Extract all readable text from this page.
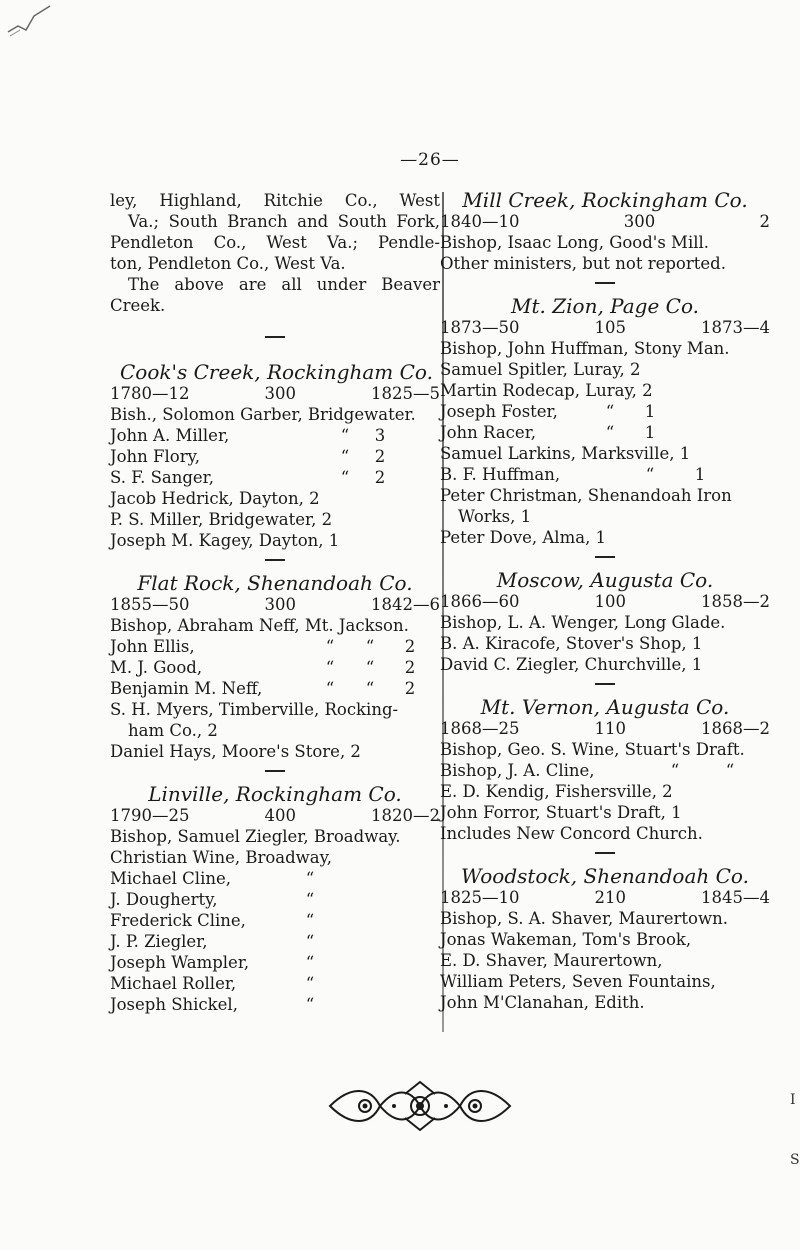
—26—
ley, Highland, Ritchie Co., West
Va.; South Branch and South Fork,
Pendleton Co., West Va.; Pendle-
ton, Pendleton Co., West Va.
The above are all under Beaver
Creek.
Cook's Creek, Rockingham Co.
1780—12	300	1825—5
Bish., Solomon Garber, Bridgewater.
John A. Miller,	“	3
John Flory,	“	2
S. F. Sanger,	“	2
Jacob Hedrick, Dayton, 2
P. S. Miller, Bridgewater, 2
Joseph M. Kagey, Dayton, 1
Flat Rock, Shenandoah Co.
1855—50	300	1842—6
Bishop, Abraham Neff, Mt. Jackson.
John Ellis,	“	“	2
M. J. Good,	“	“	2
Benjamin M. Neff,	“	“	2
S. H. Myers, Timberville, Rocking-
ham Co., 2
Daniel Hays, Moore's Store, 2
Linville, Rockingham Co.
1790—25	400	1820—2
Bishop, Samuel Ziegler, Broadway.
Christian Wine, Broadway,
Michael Cline,	“
J. Dougherty,	“
Frederick Cline,	“
J. P. Ziegler,	“
Joseph Wampler,	“
Michael Roller,	“
Joseph Shickel,	“
Mill Creek, Rockingham Co.
1840—10	300	2
Bishop, Isaac Long, Good's Mill.
Other ministers, but not reported.
Mt. Zion, Page Co.
1873—50	105	1873—4
Bishop, John Huffman, Stony Man.
Samuel Spitler, Luray, 2
Martin Rodecap, Luray, 2
Joseph Foster,	“	1
John Racer,	“	1
Samuel Larkins, Marksville, 1
B. F. Huffman,	“	1
Peter Christman, Shenandoah Iron
Works, 1
Peter Dove, Alma, 1
Moscow, Augusta Co.
1866—60	100	1858—2
Bishop, L. A. Wenger, Long Glade.
B. A. Kiracofe, Stover's Shop, 1
David C. Ziegler, Churchville, 1
Mt. Vernon, Augusta Co.
1868—25	110	1868—2
Bishop, Geo. S. Wine, Stuart's Draft.
Bishop, J. A. Cline,	“	“
E. D. Kendig, Fishersville, 2
John Forror, Stuart's Draft, 1
Includes New Concord Church.
Woodstock, Shenandoah Co.
1825—10	210	1845—4
Bishop, S. A. Shaver, Maurertown.
Jonas Wakeman, Tom's Brook,
E. D. Shaver, Maurertown,
William Peters, Seven Fountains,
John M'Clanahan, Edith.
I
S
